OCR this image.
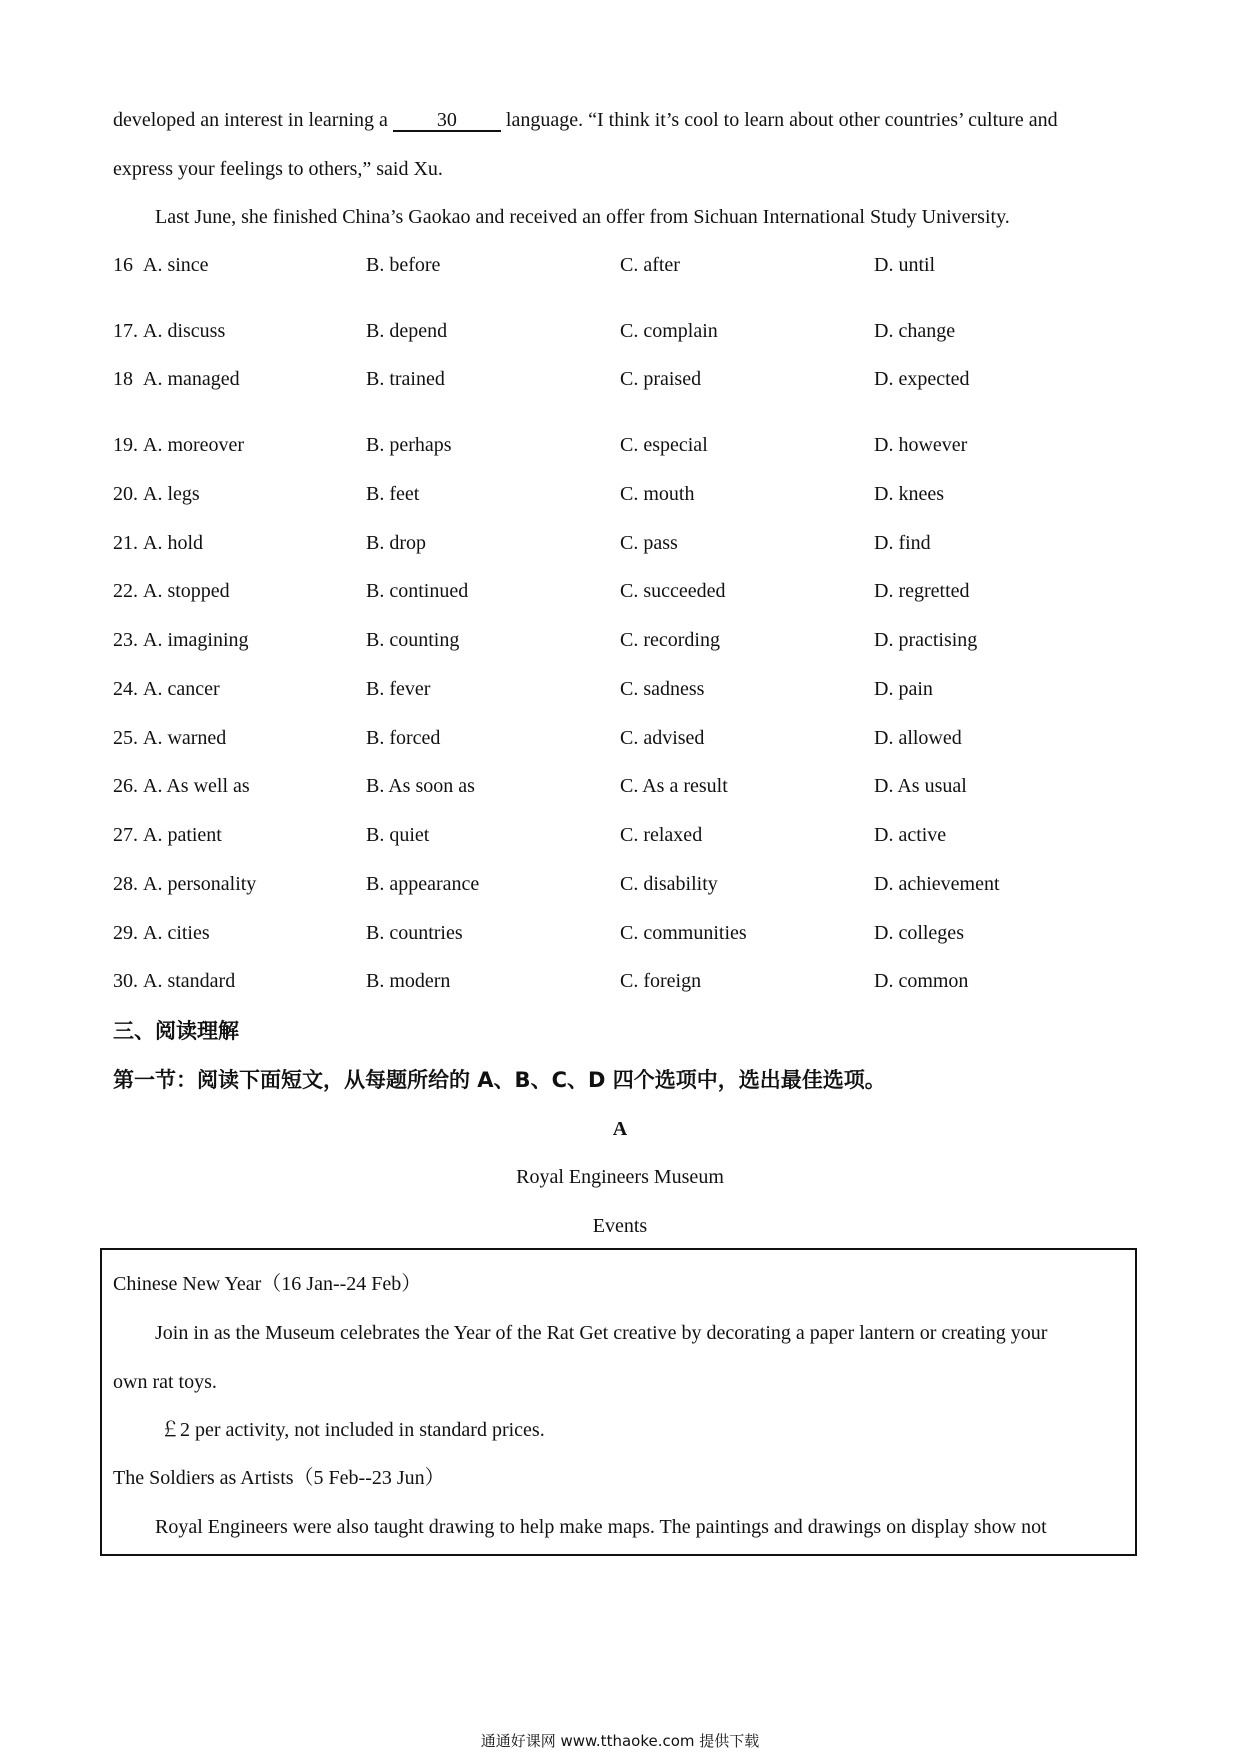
developed an interest in learning a 30 language. “I think it’s cool to learn about other countries’ culture and
express your feelings to others,” said Xu.
Last June, she finished China’s Gaokao and received an offer from Sichuan International Study University.
16 A. since	B. before	C. after	D. until
17. A. discuss	B. depend	C. complain	D. change
18 A. managed	B. trained	C. praised	D. expected
19. A. moreover	B. perhaps	C. especial	D. however
20. A. legs	B. feet	C. mouth	D. knees
21. A. hold	B. drop	C. pass	D. find
22. A. stopped	B. continued	C. succeeded	D. regretted
23. A. imagining	B. counting	C. recording	D. practising
24. A. cancer	B. fever	C. sadness	D. pain
25. A. warned	B. forced	C. advised	D. allowed
26. A. As well as	B. As soon as	C. As a result	D. As usual
27. A. patient	B. quiet	C. relaxed	D. active
28. A. personality	B. appearance	C. disability	D. achievement
29. A. cities	B. countries	C. communities	D. colleges
30. A. standard	B. modern	C. foreign	D. common
三、阅读理解
第一节：阅读下面短文，从每题所给的 A、B、C、D 四个选项中，选出最佳选项。
A
Royal Engineers Museum
Events
Chinese New Year（16 Jan--24 Feb）
Join in as the Museum celebrates the Year of the Rat Get creative by decorating a paper lantern or creating your
own rat toys.
￡2 per activity, not included in standard prices.
The Soldiers as Artists（5 Feb--23 Jun）
Royal Engineers were also taught drawing to help make maps. The paintings and drawings on display show not
通通好课网 www.tthaoke.com 提供下载
